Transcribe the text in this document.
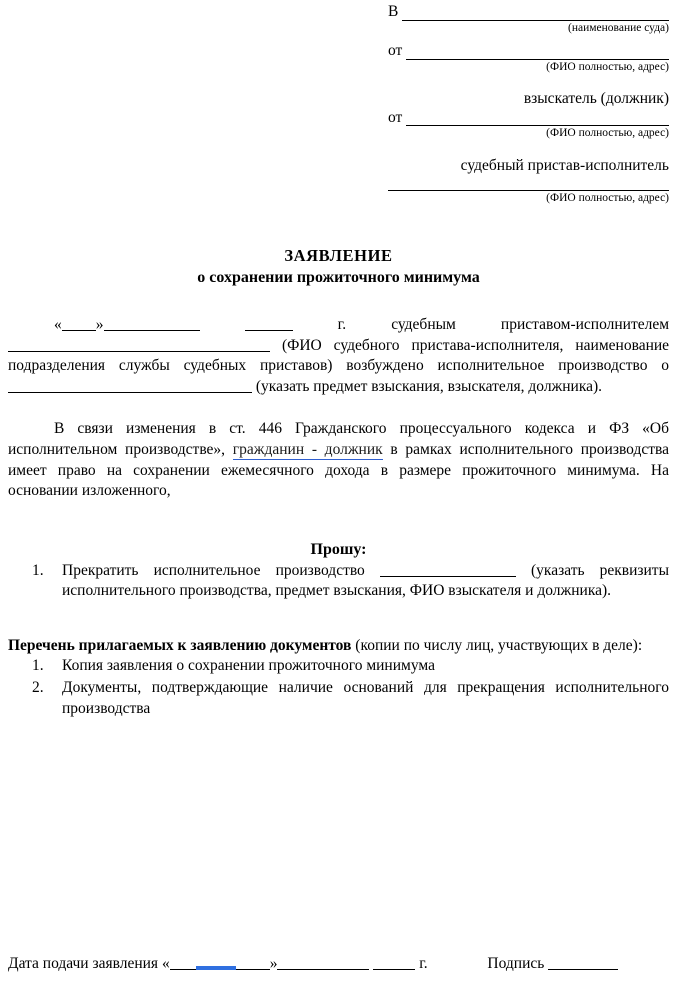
В
(наименование суда)
от
(ФИО полностью, адрес)
взыскатель (должник)
от
(ФИО полностью, адрес)
судебный пристав-исполнитель
(ФИО полностью, адрес)
ЗАЯВЛЕНИЕ
о сохранении прожиточного минимума

« »	г.	судебным	приставом-исполнителем  (ФИО судебного пристава-исполнителя, наименование подразделения службы судебных приставов) возбуждено исполнительное производство о  (указать предмет взыскания, взыскателя, должника).

В связи изменения в ст. 446 Гражданского процессуального кодекса и ФЗ «Об исполнительном производстве», гражданин - должник в рамках исполнительного производства имеет право на сохранении ежемесячного дохода в размере прожиточного минимума. На основании изложенного,

Прошу:
1.	Прекратить исполнительное производство	(указать реквизиты исполнительного производства, предмет взыскания, ФИО взыскателя и должника).
Перечень прилагаемых к заявлению документов (копии по числу лиц, участвующих в деле):
1.	Копия заявления о сохранении прожиточного минимума
2.	Документы, подтверждающие наличие оснований для прекращения исполнительного производства
Дата подачи заявления «	»	г.	Подпись
